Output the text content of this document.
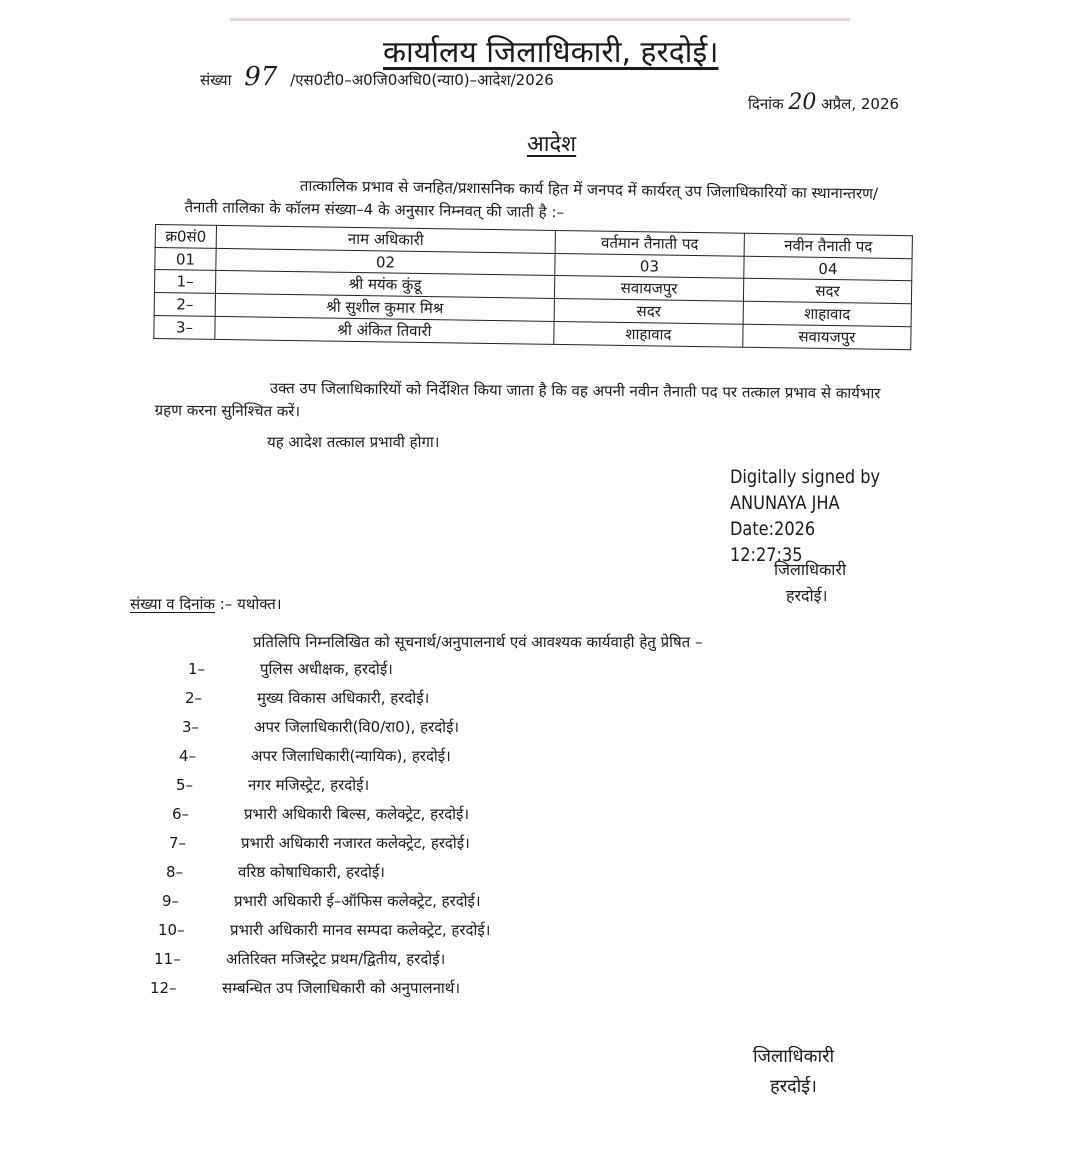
कार्यालय जिलाधिकारी, हरदोई।
संख्या 97 /एस0टी0–अ0जि0अधि0(न्या0)–आदेश/2026
दिनांक 20 अप्रैल, 2026
आदेश
तात्कालिक प्रभाव से जनहित/प्रशासनिक कार्य हित में जनपद में कार्यरत् उप जिलाधिकारियों का स्थानान्तरण/तैनाती तालिका के कॉलम संख्या–4 के अनुसार निम्नवत् की जाती है :–
क्र0सं0	नाम अधिकारी	वर्तमान तैनाती पद	नवीन तैनाती पद
01	02	03	04
1–	श्री मयंक कुंडू	सवायजपुर	सदर
2–	श्री सुशील कुमार मिश्र	सदर	शाहावाद
3–	श्री अंकित तिवारी	शाहावाद	सवायजपुर
उक्त उप जिलाधिकारियों को निर्देशित किया जाता है कि वह अपनी नवीन तैनाती पद पर तत्काल प्रभाव से कार्यभार ग्रहण करना सुनिश्चित करें।
यह आदेश तत्काल प्रभावी होगा।
Digitally signed by
ANUNAYA JHA
Date:2026
12:27:35
जिलाधिकारी
हरदोई।
संख्या व दिनांक :– यथोक्त।
प्रतिलिपि निम्नलिखित को सूचनार्थ/अनुपालनार्थ एवं आवश्यक कार्यवाही हेतु प्रेषित –
1–	पुलिस अधीक्षक, हरदोई।
2–	मुख्य विकास अधिकारी, हरदोई।
3–	अपर जिलाधिकारी(वि0/रा0), हरदोई।
4–	अपर जिलाधिकारी(न्यायिक), हरदोई।
5–	नगर मजिस्ट्रेट, हरदोई।
6–	प्रभारी अधिकारी बिल्स, कलेक्ट्रेट, हरदोई।
7–	प्रभारी अधिकारी नजारत कलेक्ट्रेट, हरदोई।
8–	वरिष्ठ कोषाधिकारी, हरदोई।
9–	प्रभारी अधिकारी ई–ऑफिस कलेक्ट्रेट, हरदोई।
10–	प्रभारी अधिकारी मानव सम्पदा कलेक्ट्रेट, हरदोई।
11–	अतिरिक्त मजिस्ट्रेट प्रथम/द्वितीय, हरदोई।
12–	सम्बन्धित उप जिलाधिकारी को अनुपालनार्थ।
जिलाधिकारी
हरदोई।
